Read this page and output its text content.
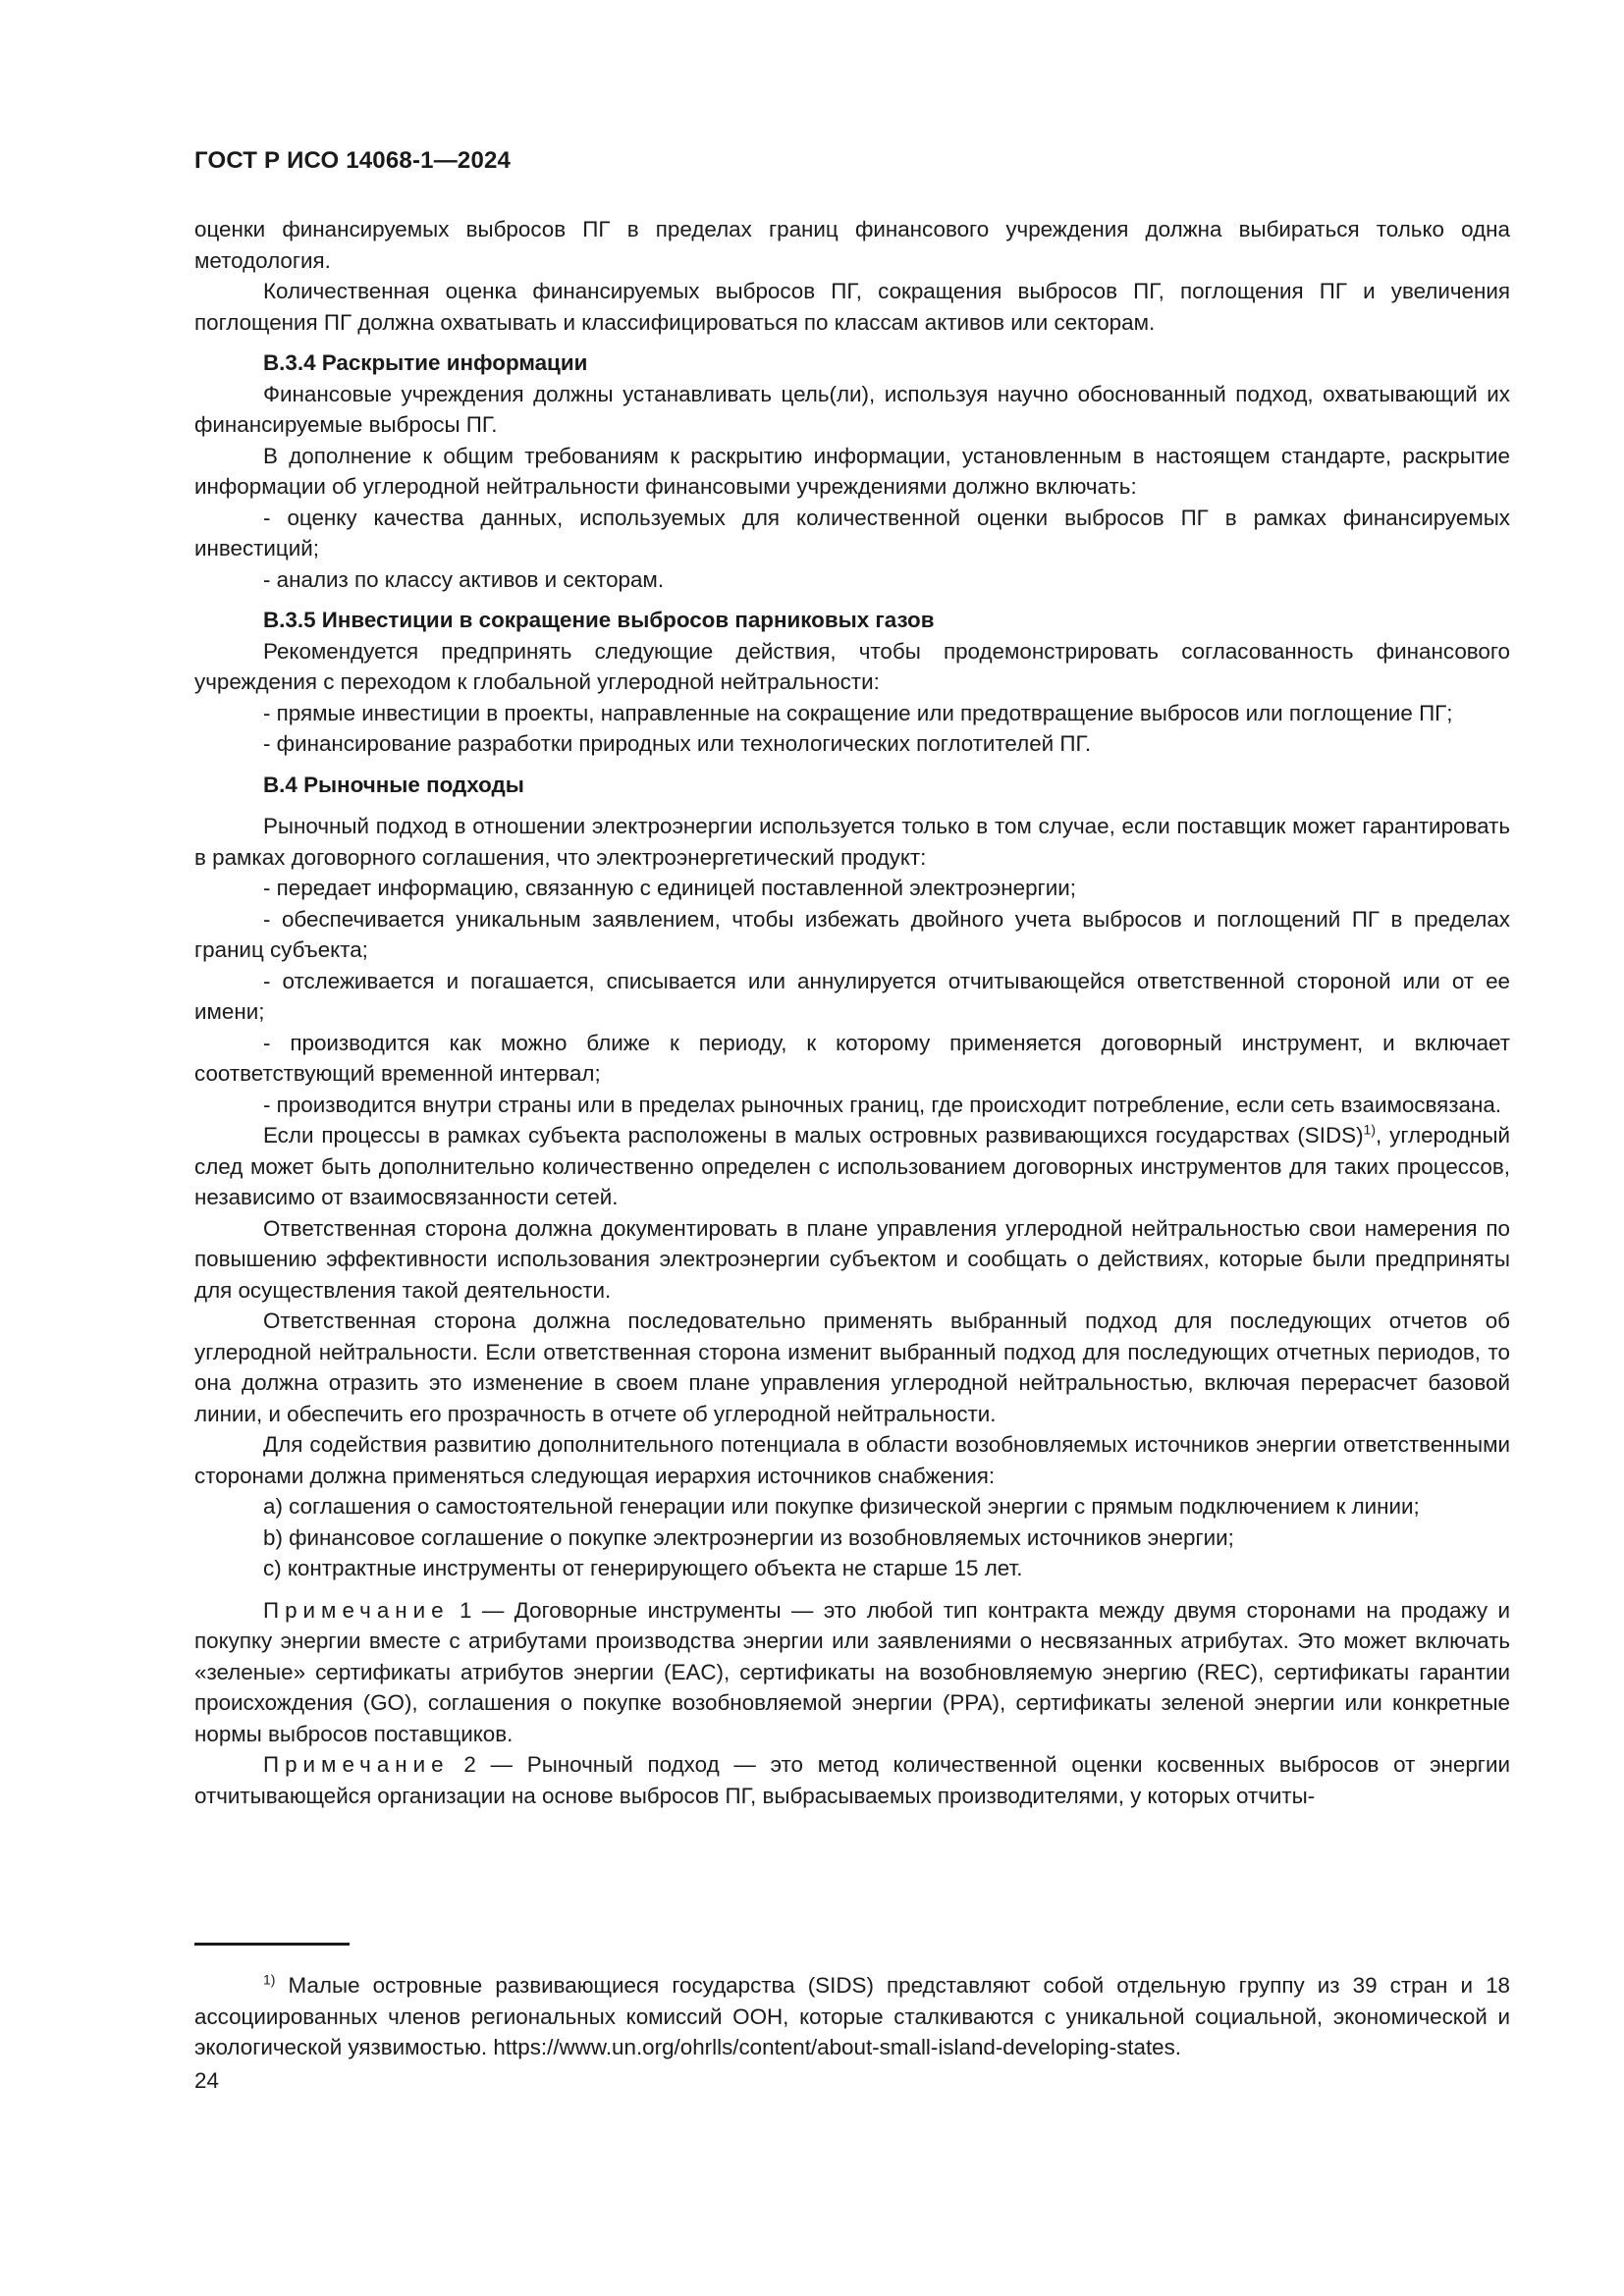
ГОСТ Р ИСО 14068-1—2024
оценки финансируемых выбросов ПГ в пределах границ финансового учреждения должна выбираться только одна методология.
Количественная оценка финансируемых выбросов ПГ, сокращения выбросов ПГ, поглощения ПГ и увеличения поглощения ПГ должна охватывать и классифицироваться по классам активов или секторам.
B.3.4 Раскрытие информации
Финансовые учреждения должны устанавливать цель(ли), используя научно обоснованный подход, охватывающий их финансируемые выбросы ПГ.
В дополнение к общим требованиям к раскрытию информации, установленным в настоящем стандарте, раскрытие информации об углеродной нейтральности финансовыми учреждениями должно включать:
- оценку качества данных, используемых для количественной оценки выбросов ПГ в рамках финансируемых инвестиций;
- анализ по классу активов и секторам.
B.3.5 Инвестиции в сокращение выбросов парниковых газов
Рекомендуется предпринять следующие действия, чтобы продемонстрировать согласованность финансового учреждения с переходом к глобальной углеродной нейтральности:
- прямые инвестиции в проекты, направленные на сокращение или предотвращение выбросов или поглощение ПГ;
- финансирование разработки природных или технологических поглотителей ПГ.
B.4 Рыночные подходы
Рыночный подход в отношении электроэнергии используется только в том случае, если поставщик может гарантировать в рамках договорного соглашения, что электроэнергетический продукт:
- передает информацию, связанную с единицей поставленной электроэнергии;
- обеспечивается уникальным заявлением, чтобы избежать двойного учета выбросов и поглощений ПГ в пределах границ субъекта;
- отслеживается и погашается, списывается или аннулируется отчитывающейся ответственной стороной или от ее имени;
- производится как можно ближе к периоду, к которому применяется договорный инструмент, и включает соответствующий временной интервал;
- производится внутри страны или в пределах рыночных границ, где происходит потребление, если сеть взаимосвязана.
Если процессы в рамках субъекта расположены в малых островных развивающихся государствах (SIDS)$^{1)}$, углеродный след может быть дополнительно количественно определен с использованием договорных инструментов для таких процессов, независимо от взаимосвязанности сетей.
Ответственная сторона должна документировать в плане управления углеродной нейтральностью свои намерения по повышению эффективности использования электроэнергии субъектом и сообщать о действиях, которые были предприняты для осуществления такой деятельности.
Ответственная сторона должна последовательно применять выбранный подход для последующих отчетов об углеродной нейтральности. Если ответственная сторона изменит выбранный подход для последующих отчетных периодов, то она должна отразить это изменение в своем плане управления углеродной нейтральностью, включая перерасчет базовой линии, и обеспечить его прозрачность в отчете об углеродной нейтральности.
Для содействия развитию дополнительного потенциала в области возобновляемых источников энергии ответственными сторонами должна применяться следующая иерархия источников снабжения:
a) соглашения о самостоятельной генерации или покупке физической энергии с прямым подключением к линии;
b) финансовое соглашение о покупке электроэнергии из возобновляемых источников энергии;
c) контрактные инструменты от генерирующего объекта не старше 15 лет.
Примечание 1 — Договорные инструменты — это любой тип контракта между двумя сторонами на продажу и покупку энергии вместе с атрибутами производства энергии или заявлениями о несвязанных атрибутах. Это может включать «зеленые» сертификаты атрибутов энергии (EAC), сертификаты на возобновляемую энергию (REC), сертификаты гарантии происхождения (GO), соглашения о покупке возобновляемой энергии (PPA), сертификаты зеленой энергии или конкретные нормы выбросов поставщиков.
Примечание 2 — Рыночный подход — это метод количественной оценки косвенных выбросов от энергии отчитывающейся организации на основе выбросов ПГ, выбрасываемых производителями, у которых отчиты-
$^{1)}$ Малые островные развивающиеся государства (SIDS) представляют собой отдельную группу из 39 стран и 18 ассоциированных членов региональных комиссий ООН, которые сталкиваются с уникальной социальной, экономической и экологической уязвимостью. https://www.un.org/ohrlls/content/about-small-island-developing-states.
24
